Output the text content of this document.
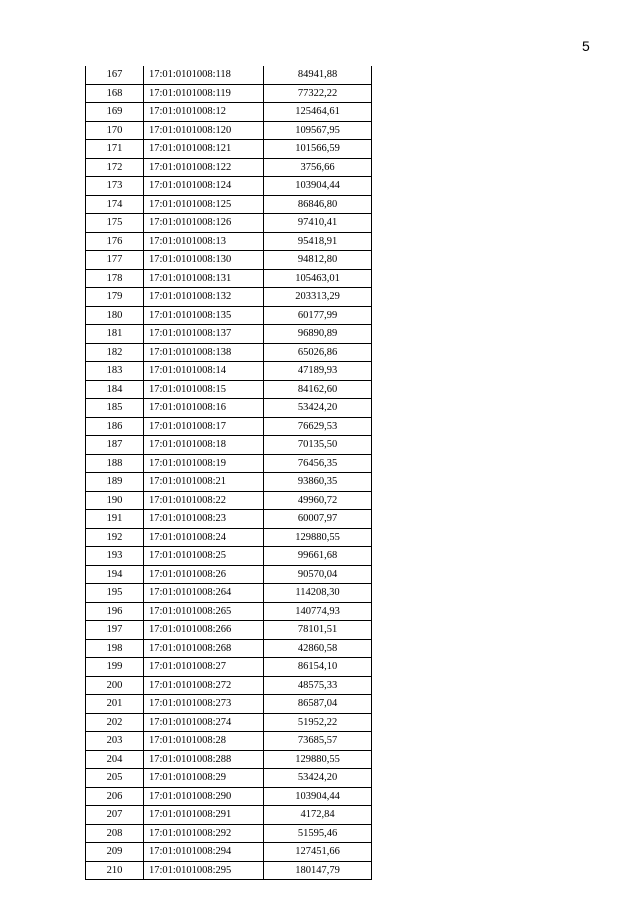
5
167	17:01:0101008:118	84941,88
168	17:01:0101008:119	77322,22
169	17:01:0101008:12	125464,61
170	17:01:0101008:120	109567,95
171	17:01:0101008:121	101566,59
172	17:01:0101008:122	3756,66
173	17:01:0101008:124	103904,44
174	17:01:0101008:125	86846,80
175	17:01:0101008:126	97410,41
176	17:01:0101008:13	95418,91
177	17:01:0101008:130	94812,80
178	17:01:0101008:131	105463,01
179	17:01:0101008:132	203313,29
180	17:01:0101008:135	60177,99
181	17:01:0101008:137	96890,89
182	17:01:0101008:138	65026,86
183	17:01:0101008:14	47189,93
184	17:01:0101008:15	84162,60
185	17:01:0101008:16	53424,20
186	17:01:0101008:17	76629,53
187	17:01:0101008:18	70135,50
188	17:01:0101008:19	76456,35
189	17:01:0101008:21	93860,35
190	17:01:0101008:22	49960,72
191	17:01:0101008:23	60007,97
192	17:01:0101008:24	129880,55
193	17:01:0101008:25	99661,68
194	17:01:0101008:26	90570,04
195	17:01:0101008:264	114208,30
196	17:01:0101008:265	140774,93
197	17:01:0101008:266	78101,51
198	17:01:0101008:268	42860,58
199	17:01:0101008:27	86154,10
200	17:01:0101008:272	48575,33
201	17:01:0101008:273	86587,04
202	17:01:0101008:274	51952,22
203	17:01:0101008:28	73685,57
204	17:01:0101008:288	129880,55
205	17:01:0101008:29	53424,20
206	17:01:0101008:290	103904,44
207	17:01:0101008:291	4172,84
208	17:01:0101008:292	51595,46
209	17:01:0101008:294	127451,66
210	17:01:0101008:295	180147,79
